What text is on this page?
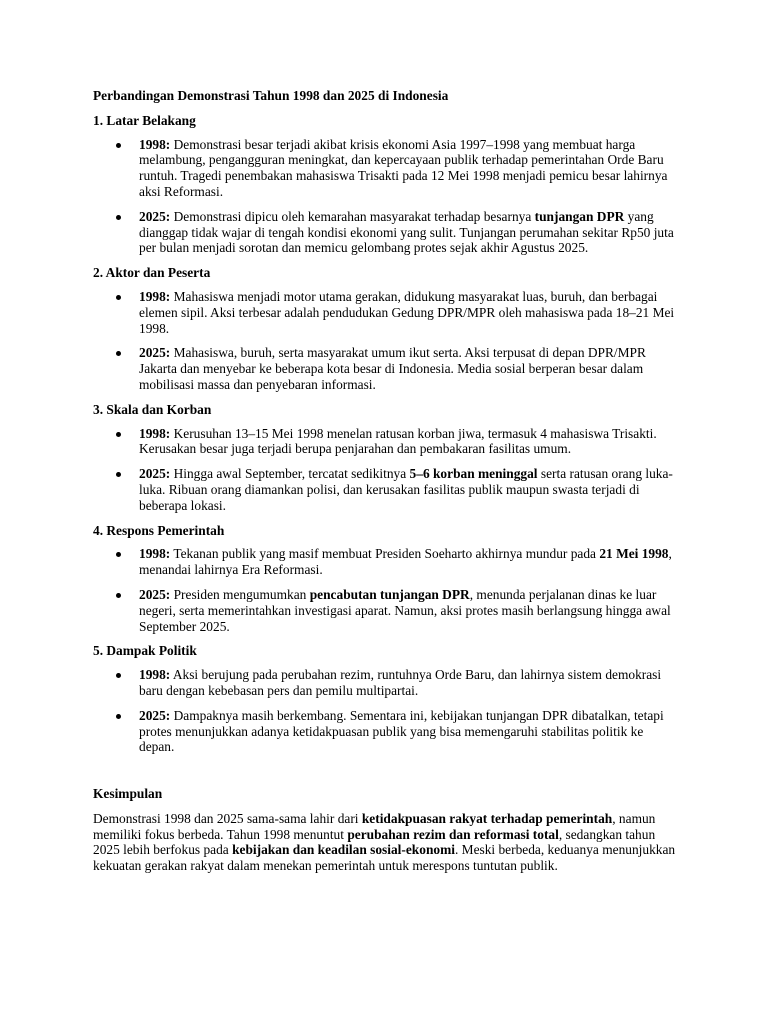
Perbandingan Demonstrasi Tahun 1998 dan 2025 di Indonesia
1. Latar Belakang
1998: Demonstrasi besar terjadi akibat krisis ekonomi Asia 1997–1998 yang membuat harga melambung, pengangguran meningkat, dan kepercayaan publik terhadap pemerintahan Orde Baru runtuh. Tragedi penembakan mahasiswa Trisakti pada 12 Mei 1998 menjadi pemicu besar lahirnya aksi Reformasi.
2025: Demonstrasi dipicu oleh kemarahan masyarakat terhadap besarnya tunjangan DPR yang dianggap tidak wajar di tengah kondisi ekonomi yang sulit. Tunjangan perumahan sekitar Rp50 juta per bulan menjadi sorotan dan memicu gelombang protes sejak akhir Agustus 2025.
2. Aktor dan Peserta
1998: Mahasiswa menjadi motor utama gerakan, didukung masyarakat luas, buruh, dan berbagai elemen sipil. Aksi terbesar adalah pendudukan Gedung DPR/MPR oleh mahasiswa pada 18–21 Mei 1998.
2025: Mahasiswa, buruh, serta masyarakat umum ikut serta. Aksi terpusat di depan DPR/MPR Jakarta dan menyebar ke beberapa kota besar di Indonesia. Media sosial berperan besar dalam mobilisasi massa dan penyebaran informasi.
3. Skala dan Korban
1998: Kerusuhan 13–15 Mei 1998 menelan ratusan korban jiwa, termasuk 4 mahasiswa Trisakti. Kerusakan besar juga terjadi berupa penjarahan dan pembakaran fasilitas umum.
2025: Hingga awal September, tercatat sedikitnya 5–6 korban meninggal serta ratusan orang luka-luka. Ribuan orang diamankan polisi, dan kerusakan fasilitas publik maupun swasta terjadi di beberapa lokasi.
4. Respons Pemerintah
1998: Tekanan publik yang masif membuat Presiden Soeharto akhirnya mundur pada 21 Mei 1998, menandai lahirnya Era Reformasi.
2025: Presiden mengumumkan pencabutan tunjangan DPR, menunda perjalanan dinas ke luar negeri, serta memerintahkan investigasi aparat. Namun, aksi protes masih berlangsung hingga awal September 2025.
5. Dampak Politik
1998: Aksi berujung pada perubahan rezim, runtuhnya Orde Baru, dan lahirnya sistem demokrasi baru dengan kebebasan pers dan pemilu multipartai.
2025: Dampaknya masih berkembang. Sementara ini, kebijakan tunjangan DPR dibatalkan, tetapi protes menunjukkan adanya ketidakpuasan publik yang bisa memengaruhi stabilitas politik ke depan.
Kesimpulan

Demonstrasi 1998 dan 2025 sama-sama lahir dari ketidakpuasan rakyat terhadap pemerintah, namun memiliki fokus berbeda. Tahun 1998 menuntut perubahan rezim dan reformasi total, sedangkan tahun 2025 lebih berfokus pada kebijakan dan keadilan sosial-ekonomi. Meski berbeda, keduanya menunjukkan kekuatan gerakan rakyat dalam menekan pemerintah untuk merespons tuntutan publik.
